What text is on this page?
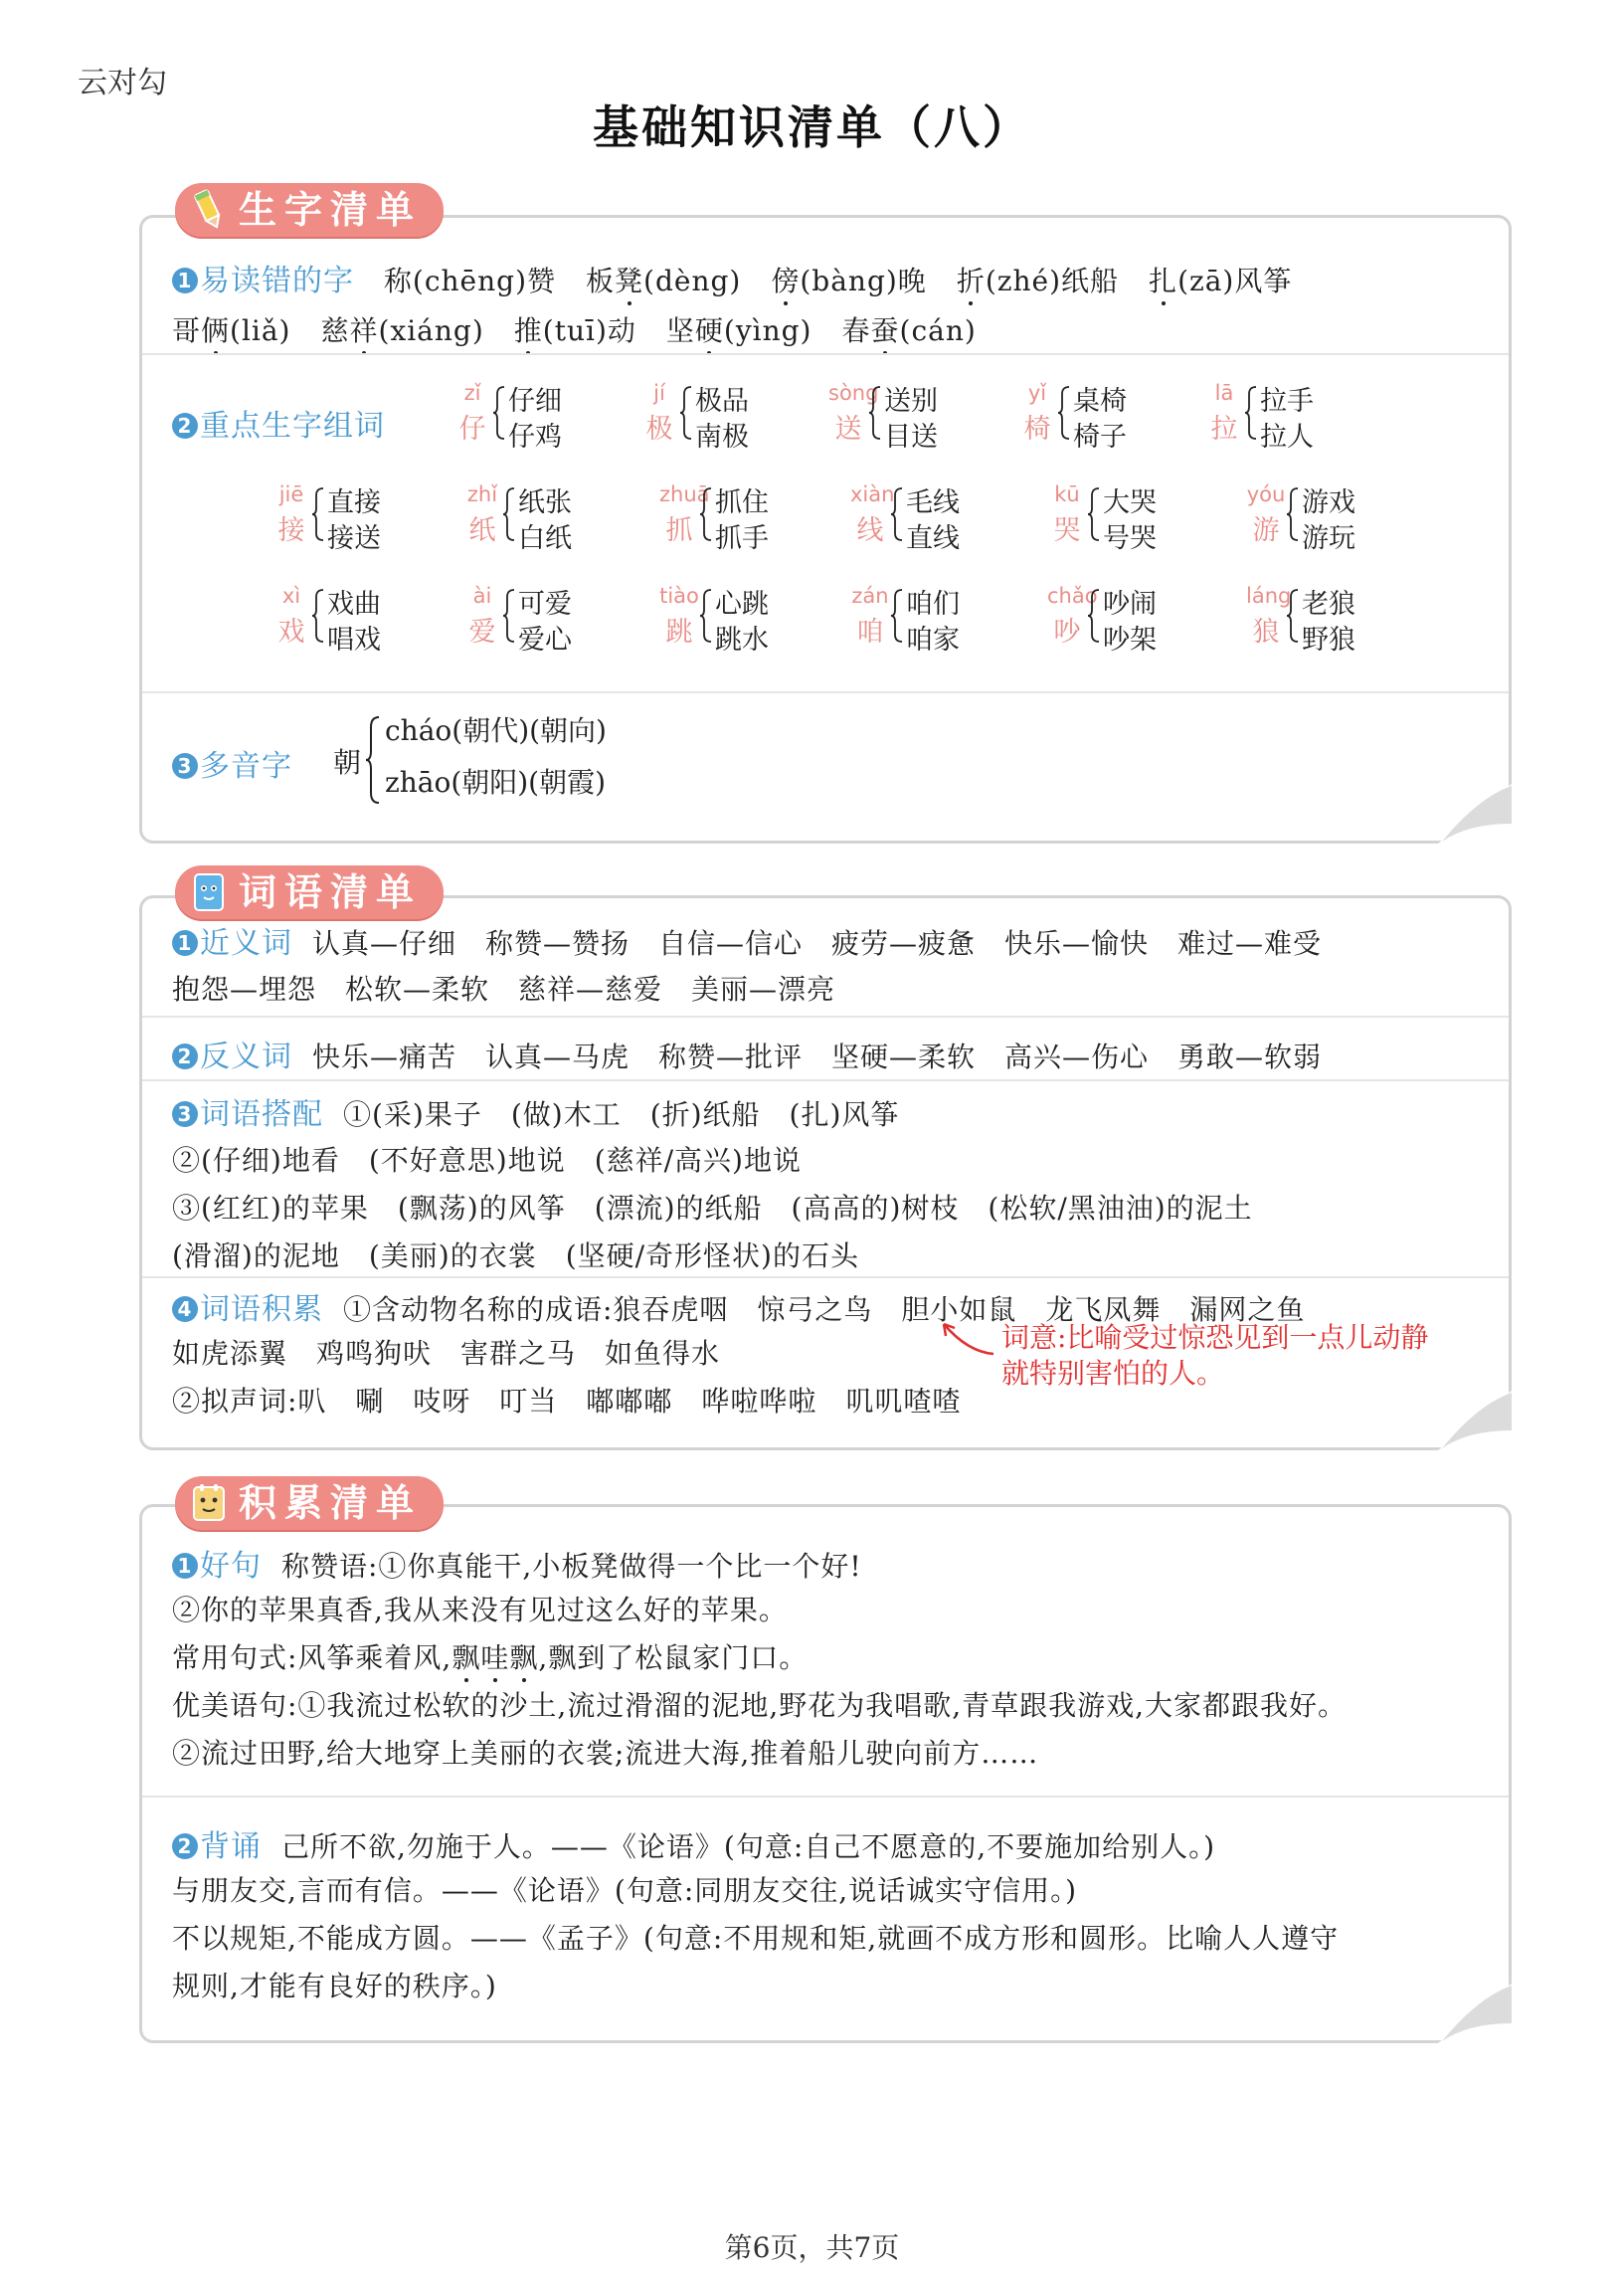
云对勾
基础知识清单（八）
生字清单
1 易读错的字 称(chēng)赞 板凳(dèng) 傍(bàng)晚 折(zhé)纸船 扎(zā)风筝
哥俩(liǎ) 慈祥(xiáng) 推(tuī)动 坚硬(yìng) 春蚕(cán)
2 重点生字组词
zǐ
仔
仔细
仔鸡
jí
极
极品
南极
sòng
送
送别
目送
yǐ
椅
桌椅
椅子
lā
拉
拉手
拉人
jiē
接
直接
接送
zhǐ
纸
纸张
白纸
zhuā
抓
抓住
抓手
xiàn
线
毛线
直线
kū
哭
大哭
号哭
yóu
游
游戏
游玩
xì
戏
戏曲
唱戏
ài
爱
可爱
爱心
tiào
跳
心跳
跳水
zán
咱
咱们
咱家
chǎo
吵
吵闹
吵架
láng
狼
老狼
野狼
3 多音字	朝
cháo(朝代)(朝向)
zhāo(朝阳)(朝霞)
词语清单
1 近义词 认真—仔细　称赞—赞扬　自信—信心　疲劳—疲惫　快乐—愉快　难过—难受
抱怨—埋怨　松软—柔软　慈祥—慈爱　美丽—漂亮
2 反义词 快乐—痛苦　认真—马虎　称赞—批评　坚硬—柔软　高兴—伤心　勇敢—软弱
3 词语搭配 ①(采)果子　(做)木工　(折)纸船　(扎)风筝
②(仔细)地看　(不好意思)地说　(慈祥/高兴)地说
③(红红)的苹果　(飘荡)的风筝　(漂流)的纸船　(高高的)树枝　(松软/黑油油)的泥土
(滑溜)的泥地　(美丽)的衣裳　(坚硬/奇形怪状)的石头
4 词语积累 ①含动物名称的成语:狼吞虎咽　惊弓之鸟　胆小如鼠　龙飞凤舞　漏网之鱼
如虎添翼　鸡鸣狗吠　害群之马　如鱼得水
②拟声词:叭　唰　吱呀　叮当　嘟嘟嘟　哗啦哗啦　叽叽喳喳
词意:比喻受过惊恐见到一点儿动静
就特别害怕的人。
积累清单
1 好句 称赞语:①你真能干,小板凳做得一个比一个好!
②你的苹果真香,我从来没有见过这么好的苹果。
常用句式:风筝乘着风,飘哇飘,飘到了松鼠家门口。
优美语句:①我流过松软的沙土,流过滑溜的泥地,野花为我唱歌,青草跟我游戏,大家都跟我好。
②流过田野,给大地穿上美丽的衣裳;流进大海,推着船儿驶向前方……
2 背诵 己所不欲,勿施于人。——《论语》(句意:自己不愿意的,不要施加给别人。)
与朋友交,言而有信。——《论语》(句意:同朋友交往,说话诚实守信用。)
不以规矩,不能成方圆。——《孟子》(句意:不用规和矩,就画不成方形和圆形。比喻人人遵守
规则,才能有良好的秩序。)
第6页，共7页
